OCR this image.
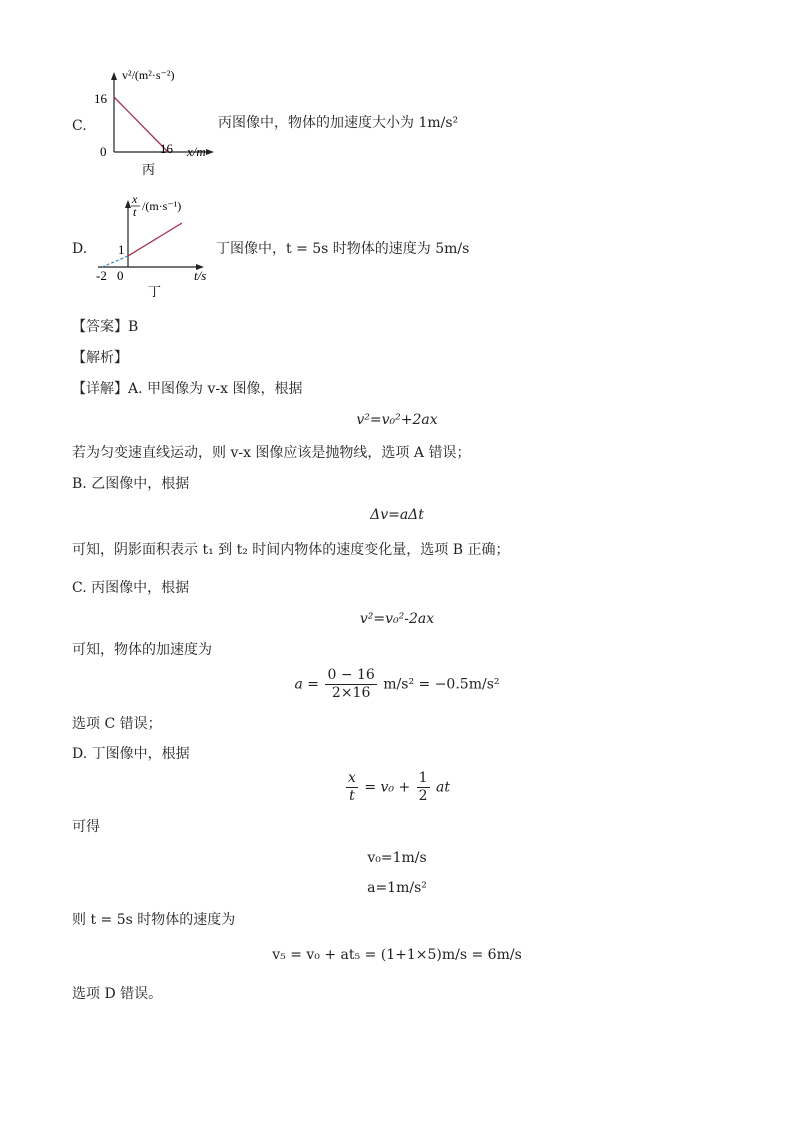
C.
v²/(m²·s⁻²)
16
0	16 x/m
丙
丙图像中，物体的加速度大小为 1m/s²
D.
x
t /(m·s⁻¹)
1
-2 0	t/s
丁
丁图像中，t = 5s 时物体的速度为 5m/s
【答案】B
【解析】
【详解】A. 甲图像为 v-x 图像，根据
v²=v₀²+2ax
若为匀变速直线运动，则 v-x 图像应该是抛物线，选项 A 错误；
B. 乙图像中，根据
Δv=aΔt
可知，阴影面积表示 t₁ 到 t₂ 时间内物体的速度变化量，选项 B 正确；
C. 丙图像中，根据
v²=v₀²-2ax
可知，物体的加速度为
$a = \frac{0 - 16}{2\times 16} m/s^2 = -0.5m/s^2$
选项 C 错误；
D. 丁图像中，根据
$\frac{x}{t} = v_0 + \frac{1}{2}$ at
可得
v₀=1m/s
a=1m/s²
则 t = 5s 时物体的速度为
v₅ = v₀ + at₅ = (1+1×5)m/s = 6m/s
选项 D 错误。
